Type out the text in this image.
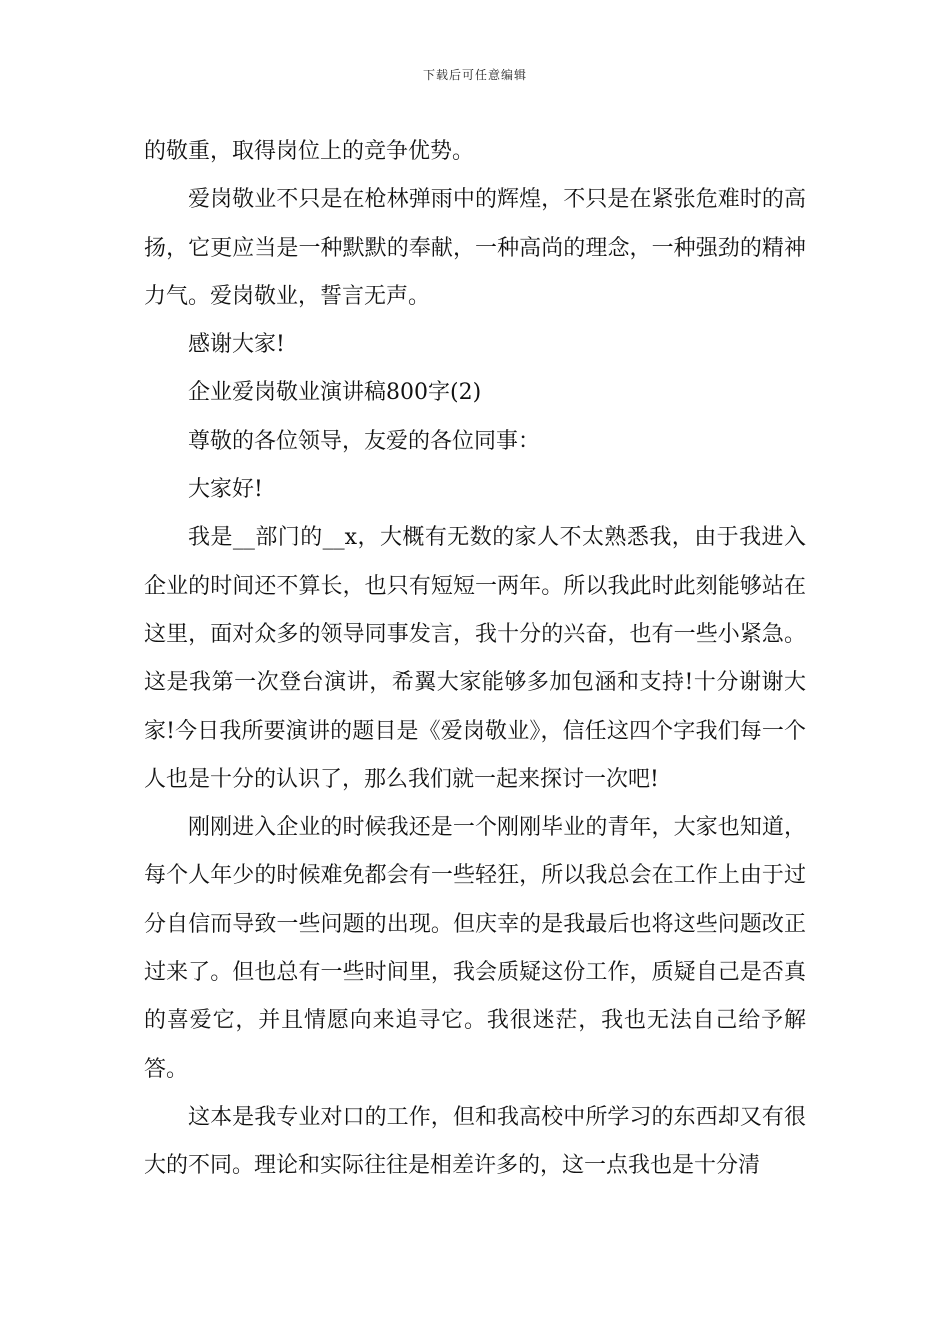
下载后可任意编辑

的敬重，取得岗位上的竞争优势。

爱岗敬业不只是在枪林弹雨中的辉煌，不只是在紧张危难时的高扬，它更应当是一种默默的奉献，一种高尚的理念，一种强劲的精神力气。爱岗敬业，誓言无声。

感谢大家!

企业爱岗敬业演讲稿800字(2)

尊敬的各位领导，友爱的各位同事：

大家好!

我是__部门的__x，大概有无数的家人不太熟悉我，由于我进入企业的时间还不算长，也只有短短一两年。所以我此时此刻能够站在这里，面对众多的领导同事发言，我十分的兴奋，也有一些小紧急。这是我第一次登台演讲，希翼大家能够多加包涵和支持!十分谢谢大家!今日我所要演讲的题目是《爱岗敬业》，信任这四个字我们每一个人也是十分的认识了，那么我们就一起来探讨一次吧!

刚刚进入企业的时候我还是一个刚刚毕业的青年，大家也知道，每个人年少的时候难免都会有一些轻狂，所以我总会在工作上由于过分自信而导致一些问题的出现。但庆幸的是我最后也将这些问题改正过来了。但也总有一些时间里，我会质疑这份工作，质疑自己是否真的喜爱它，并且情愿向来追寻它。我很迷茫，我也无法自己给予解答。

这本是我专业对口的工作，但和我高校中所学习的东西却又有很大的不同。理论和实际往往是相差许多的，这一点我也是十分清
